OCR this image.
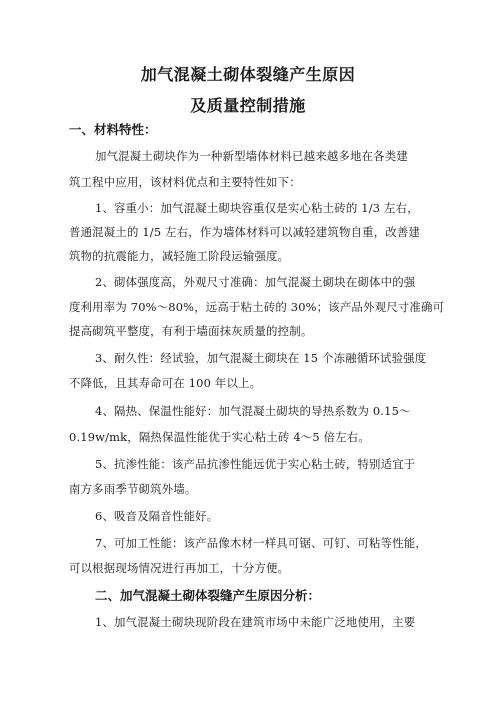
加气混凝土砌体裂缝产生原因
及质量控制措施
一、材料特性：
加气混凝土砌块作为一种新型墙体材料已越来越多地在各类建
筑工程中应用，该材料优点和主要特性如下：
1、容重小：加气混凝土砌块容重仅是实心粘土砖的 1/3 左右，
普通混凝土的 1/5 左右，作为墙体材料可以减轻建筑物自重，改善建
筑物的抗震能力，减轻施工阶段运输强度。
2、砌体强度高，外观尺寸准确：加气混凝土砌块在砌体中的强
度利用率为 70%～80%，远高于粘土砖的 30%；该产品外观尺寸准确可
提高砌筑平整度，有利于墙面抹灰质量的控制。
3、耐久性：经试验，加气混凝土砌块在 15 个冻融循环试验强度
不降低，且其寿命可在 100 年以上。
4、隔热、保温性能好：加气混凝土砌块的导热系数为 0.15～
0.19w/mk，隔热保温性能优于实心粘土砖 4～5 倍左右。
5、抗渗性能：该产品抗渗性能远优于实心粘土砖，特别适宜于
南方多雨季节砌筑外墙。
6、吸音及隔音性能好。
7、可加工性能：该产品像木材一样具可锯、可钉、可粘等性能，
可以根据现场情况进行再加工，十分方便。
二、加气混凝土砌体裂缝产生原因分析：
1、加气混凝土砌块现阶段在建筑市场中未能广泛地使用，主要
